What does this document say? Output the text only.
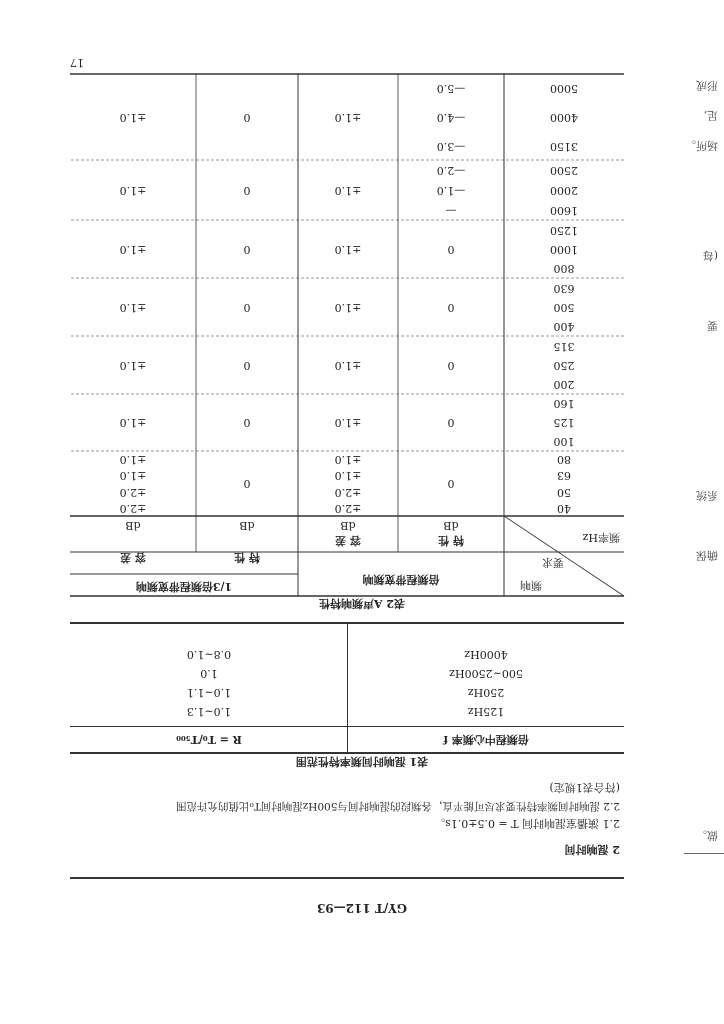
GY/T 112—93
2 混响时间
2.1 演播室混响时间 T = 0.5±0.1s。
2.2 混响时间频率特性要求尽可能平直，各频段的混响时间与500Hz混响时间T₀比值的允许范围
(符合表1规定)
表1 混响时间频率特性范围
倍频程中心频率 f
R = T₀/T₅₀₀
125Hz
1.0~1.3
250Hz
1.0~1.1
500~2500Hz
1.0
4000Hz
0.8~1.0
表2 A声频响特性
频率Hz
要求
频响
倍频程带宽频响
1/3倍频程带宽频响
特 性
dB
容 差
dB
特 性
dB
容 差
dB
40
50
63
80
0
±2.0
±2.0
±1.0
±1.0
0
±2.0
±2.0
±1.0
±1.0
100
125
160
0
±1.0
0
±1.0
200
250
315
0
±1.0
0
±1.0
400
500
630
0
±1.0
0
±1.0
800
1000
1250
0
±1.0
0
±1.0
1600
2000
2500
—
—1.0
—2.0
±1.0
0
±1.0
3150
4000
5000
—3.0
—4.0
—5.0
±1.0
0
±1.0
17
做。
确保
系统
要
(每
场所。
足,
形成
